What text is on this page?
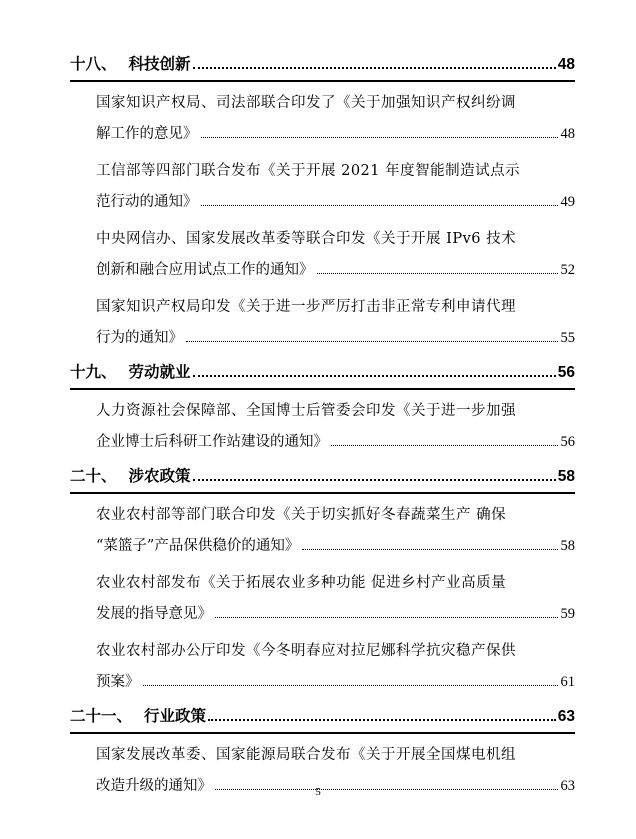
十八、 科技创新	48
国家知识产权局、司法部联合印发了《关于加强知识产权纠纷调
解工作的意见》	48
工信部等四部门联合发布《关于开展 2021 年度智能制造试点示
范行动的通知》	49
中央网信办、国家发展改革委等联合印发《关于开展 IPv6 技术
创新和融合应用试点工作的通知》	52
国家知识产权局印发《关于进一步严厉打击非正常专利申请代理
行为的通知》	55
十九、 劳动就业	56
人力资源社会保障部、全国博士后管委会印发《关于进一步加强
企业博士后科研工作站建设的通知》	56
二十、 涉农政策	58
农业农村部等部门联合印发《关于切实抓好冬春蔬菜生产 确保
“菜篮子”产品保供稳价的通知》	58
农业农村部发布《关于拓展农业多种功能 促进乡村产业高质量
发展的指导意见》	59
农业农村部办公厅印发《今冬明春应对拉尼娜科学抗灾稳产保供
预案》	61
二十一、 行业政策	63
国家发展改革委、国家能源局联合发布《关于开展全国煤电机组
改造升级的通知》	63
5
